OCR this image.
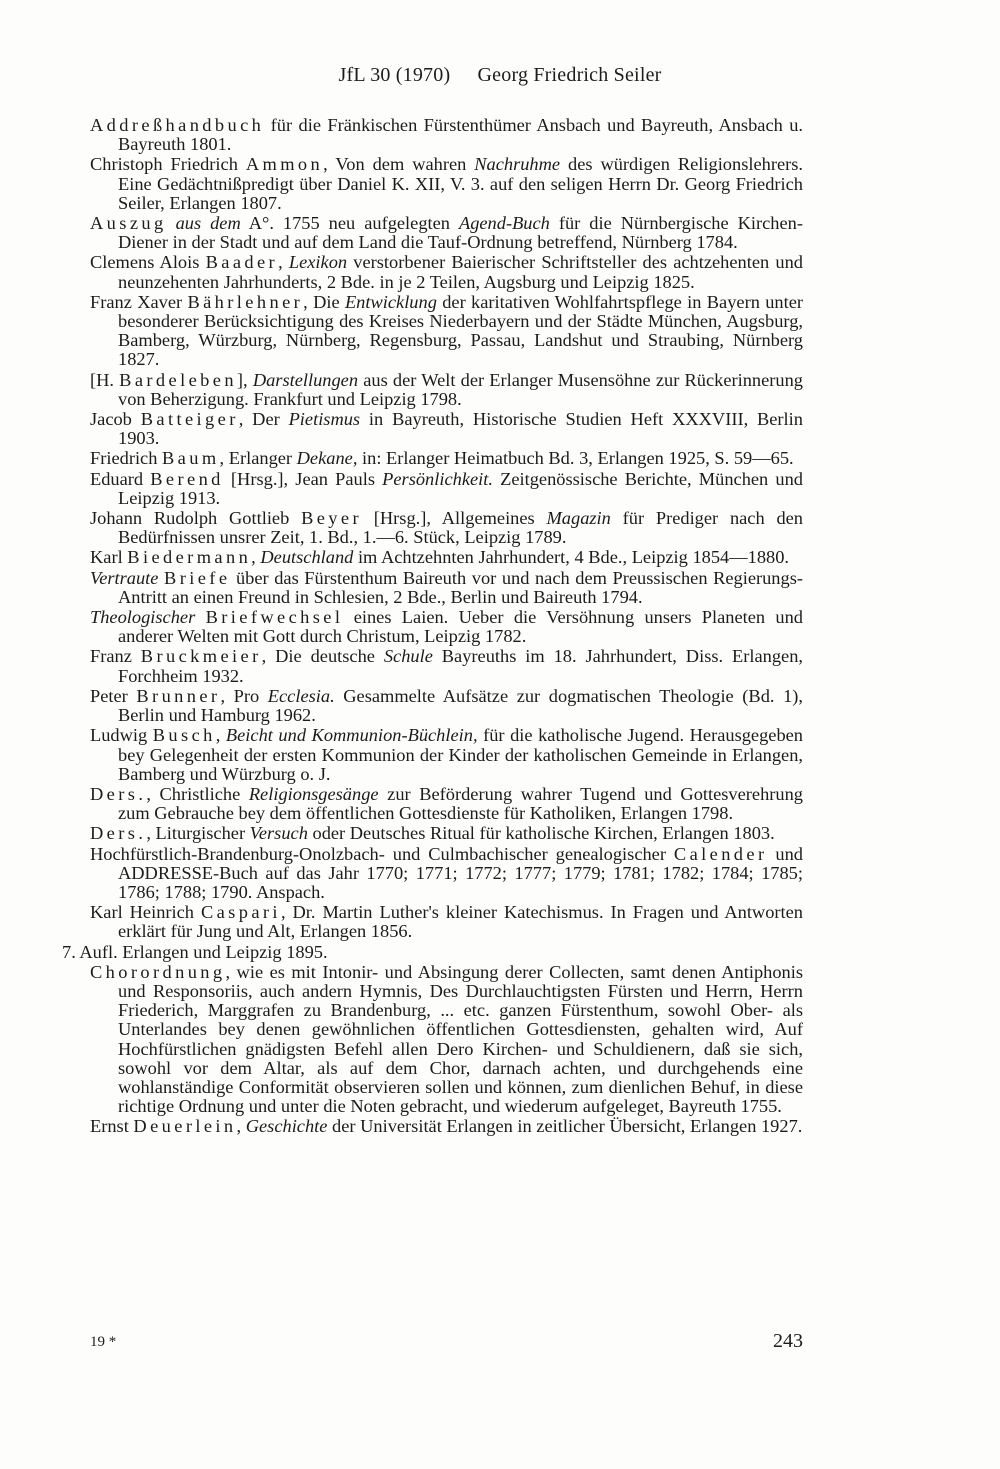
JfL 30 (1970) Georg Friedrich Seiler

Addreßhandbuch für die Fränkischen Fürstenthümer Ansbach und Bayreuth, Ansbach u. Bayreuth 1801.

Christoph Friedrich Ammon, Von dem wahren Nachruhme des würdigen Religionslehrers. Eine Gedächtnißpredigt über Daniel K. XII, V. 3. auf den seligen Herrn Dr. Georg Friedrich Seiler, Erlangen 1807.

Auszug aus dem A°. 1755 neu aufgelegten Agend-Buch für die Nürnbergische Kirchen-Diener in der Stadt und auf dem Land die Tauf-Ordnung betreffend, Nürnberg 1784.

Clemens Alois Baader, Lexikon verstorbener Baierischer Schriftsteller des achtzehenten und neunzehenten Jahrhunderts, 2 Bde. in je 2 Teilen, Augsburg und Leipzig 1825.

Franz Xaver Bährlehner, Die Entwicklung der karitativen Wohlfahrtspflege in Bayern unter besonderer Berücksichtigung des Kreises Niederbayern und der Städte München, Augsburg, Bamberg, Würzburg, Nürnberg, Regensburg, Passau, Landshut und Straubing, Nürnberg 1827.

[H. Bardeleben], Darstellungen aus der Welt der Erlanger Musensöhne zur Rückerinnerung von Beherzigung. Frankfurt und Leipzig 1798.

Jacob Batteiger, Der Pietismus in Bayreuth, Historische Studien Heft XXXVIII, Berlin 1903.

Friedrich Baum, Erlanger Dekane, in: Erlanger Heimatbuch Bd. 3, Erlangen 1925, S. 59—65.

Eduard Berend [Hrsg.], Jean Pauls Persönlichkeit. Zeitgenössische Berichte, München und Leipzig 1913.

Johann Rudolph Gottlieb Beyer [Hrsg.], Allgemeines Magazin für Prediger nach den Bedürfnissen unsrer Zeit, 1. Bd., 1.—6. Stück, Leipzig 1789.

Karl Biedermann, Deutschland im Achtzehnten Jahrhundert, 4 Bde., Leipzig 1854—1880.

Vertraute Briefe über das Fürstenthum Baireuth vor und nach dem Preussischen Regierungs-Antritt an einen Freund in Schlesien, 2 Bde., Berlin und Baireuth 1794.

Theologischer Briefwechsel eines Laien. Ueber die Versöhnung unsers Planeten und anderer Welten mit Gott durch Christum, Leipzig 1782.

Franz Bruckmeier, Die deutsche Schule Bayreuths im 18. Jahrhundert, Diss. Erlangen, Forchheim 1932.

Peter Brunner, Pro Ecclesia. Gesammelte Aufsätze zur dogmatischen Theologie (Bd. 1), Berlin und Hamburg 1962.

Ludwig Busch, Beicht und Kommunion-Büchlein, für die katholische Jugend. Herausgegeben bey Gelegenheit der ersten Kommunion der Kinder der katholischen Gemeinde in Erlangen, Bamberg und Würzburg o. J.

Ders., Christliche Religionsgesänge zur Beförderung wahrer Tugend und Gottesverehrung zum Gebrauche bey dem öffentlichen Gottesdienste für Katholiken, Erlangen 1798.

Ders., Liturgischer Versuch oder Deutsches Ritual für katholische Kirchen, Erlangen 1803.

Hochfürstlich-Brandenburg-Onolzbach- und Culmbachischer genealogischer Calender und ADDRESSE-Buch auf das Jahr 1770; 1771; 1772; 1777; 1779; 1781; 1782; 1784; 1785; 1786; 1788; 1790. Anspach.

Karl Heinrich Caspari, Dr. Martin Luther's kleiner Katechismus. In Fragen und Antworten erklärt für Jung und Alt, Erlangen 1856.

7. Aufl. Erlangen und Leipzig 1895.

Chorordnung, wie es mit Intonir- und Absingung derer Collecten, samt denen Antiphonis und Responsoriis, auch andern Hymnis, Des Durchlauchtigsten Fürsten und Herrn, Herrn Friederich, Marggrafen zu Brandenburg, ... etc. ganzen Fürstenthum, sowohl Ober- als Unterlandes bey denen gewöhnlichen öffentlichen Gottesdiensten, gehalten wird, Auf Hochfürstlichen gnädigsten Befehl allen Dero Kirchen- und Schuldienern, daß sie sich, sowohl vor dem Altar, als auf dem Chor, darnach achten, und durchgehends eine wohlanständige Conformität observieren sollen und können, zum dienlichen Behuf, in diese richtige Ordnung und unter die Noten gebracht, und wiederum aufgeleget, Bayreuth 1755.

Ernst Deuerlein, Geschichte der Universität Erlangen in zeitlicher Übersicht, Erlangen 1927.

19 *	243
